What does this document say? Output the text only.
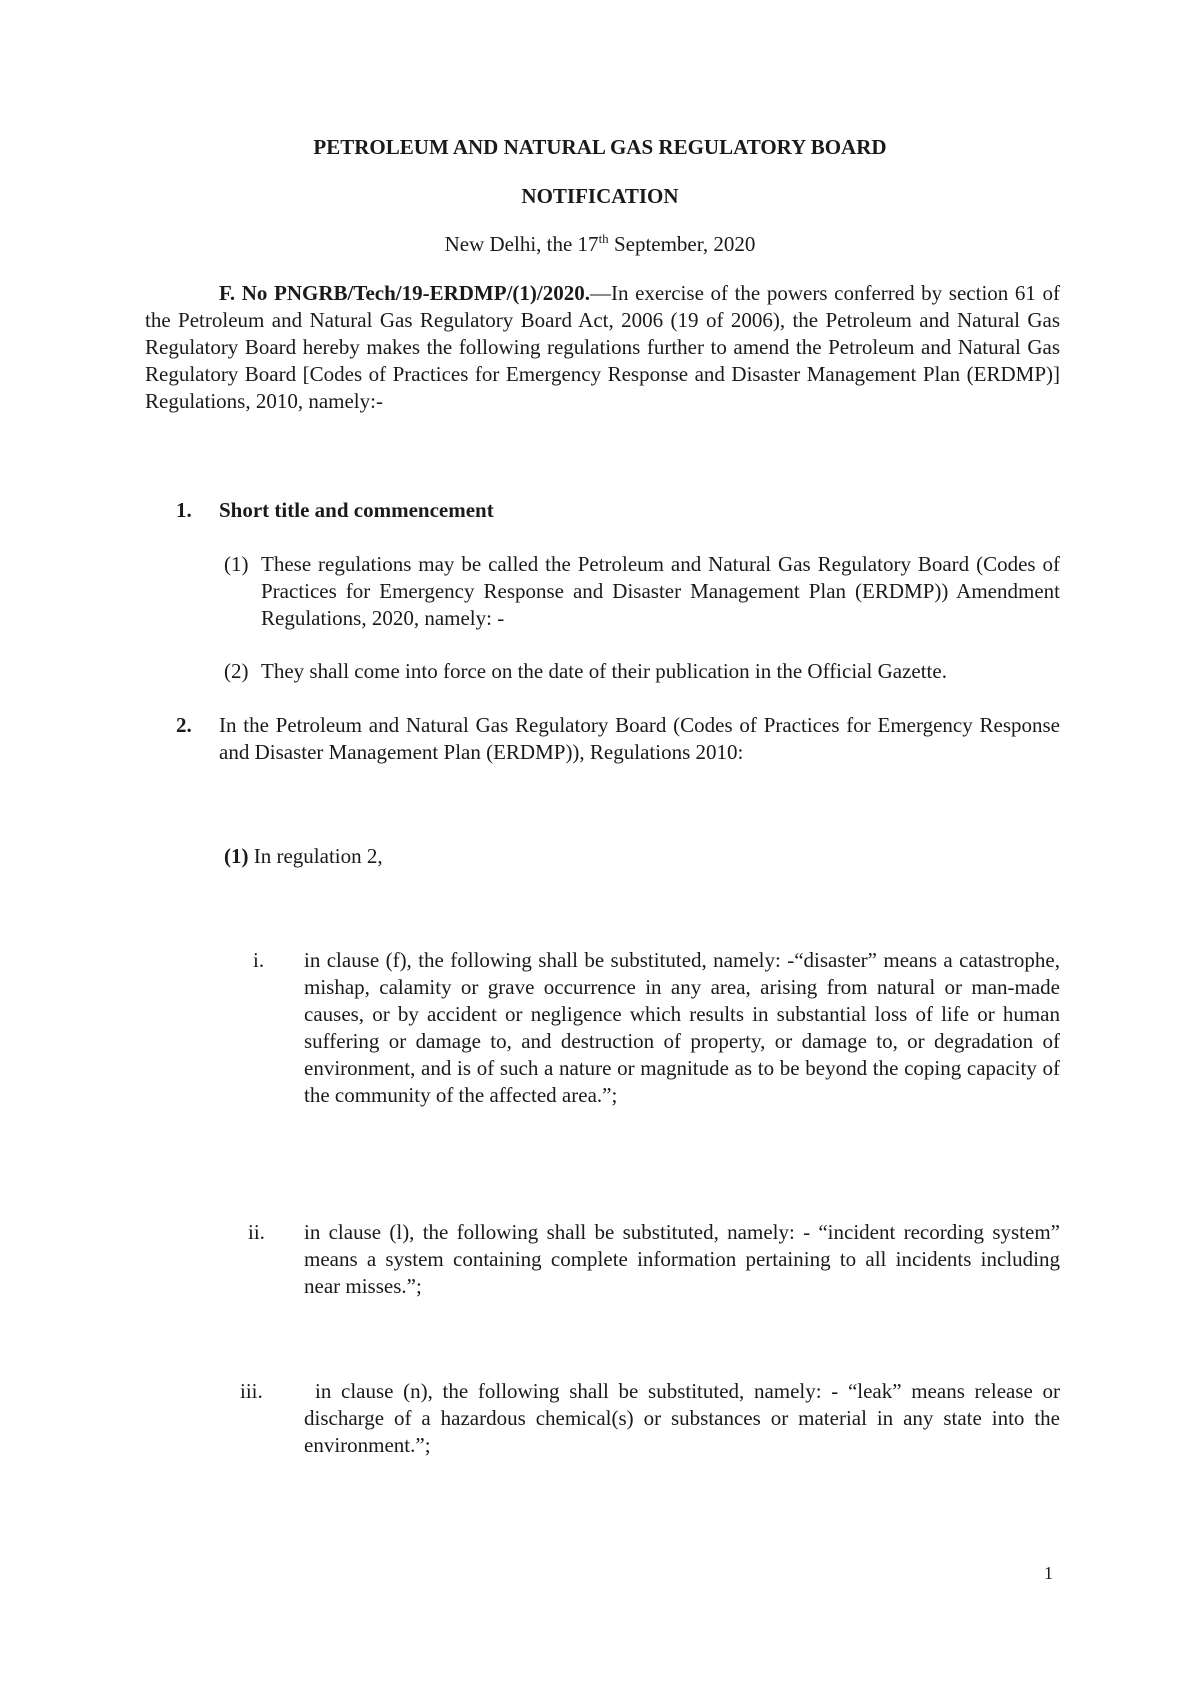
PETROLEUM AND NATURAL GAS REGULATORY BOARD
NOTIFICATION
New Delhi, the 17th September, 2020
F. No PNGRB/Tech/19-ERDMP/(1)/2020.—In exercise of the powers conferred by section 61 of the Petroleum and Natural Gas Regulatory Board Act, 2006 (19 of 2006), the Petroleum and Natural Gas Regulatory Board hereby makes the following regulations further to amend the Petroleum and Natural Gas Regulatory Board [Codes of Practices for Emergency Response and Disaster Management Plan (ERDMP)] Regulations, 2010, namely:-
1. Short title and commencement
(1) These regulations may be called the Petroleum and Natural Gas Regulatory Board (Codes of Practices for Emergency Response and Disaster Management Plan (ERDMP)) Amendment Regulations, 2020, namely: -
(2) They shall come into force on the date of their publication in the Official Gazette.
2. In the Petroleum and Natural Gas Regulatory Board (Codes of Practices for Emergency Response and Disaster Management Plan (ERDMP)), Regulations 2010:
(1) In regulation 2,
i. in clause (f), the following shall be substituted, namely: -“disaster” means a catastrophe, mishap, calamity or grave occurrence in any area, arising from natural or man-made causes, or by accident or negligence which results in substantial loss of life or human suffering or damage to, and destruction of property, or damage to, or degradation of environment, and is of such a nature or magnitude as to be beyond the coping capacity of the community of the affected area.”;
ii. in clause (l), the following shall be substituted, namely: - “incident recording system” means a system containing complete information pertaining to all incidents including near misses.”;
iii.	in clause (n), the following shall be substituted, namely: - “leak” means release or discharge of a hazardous chemical(s) or substances or material in any state into the environment.”;
1
